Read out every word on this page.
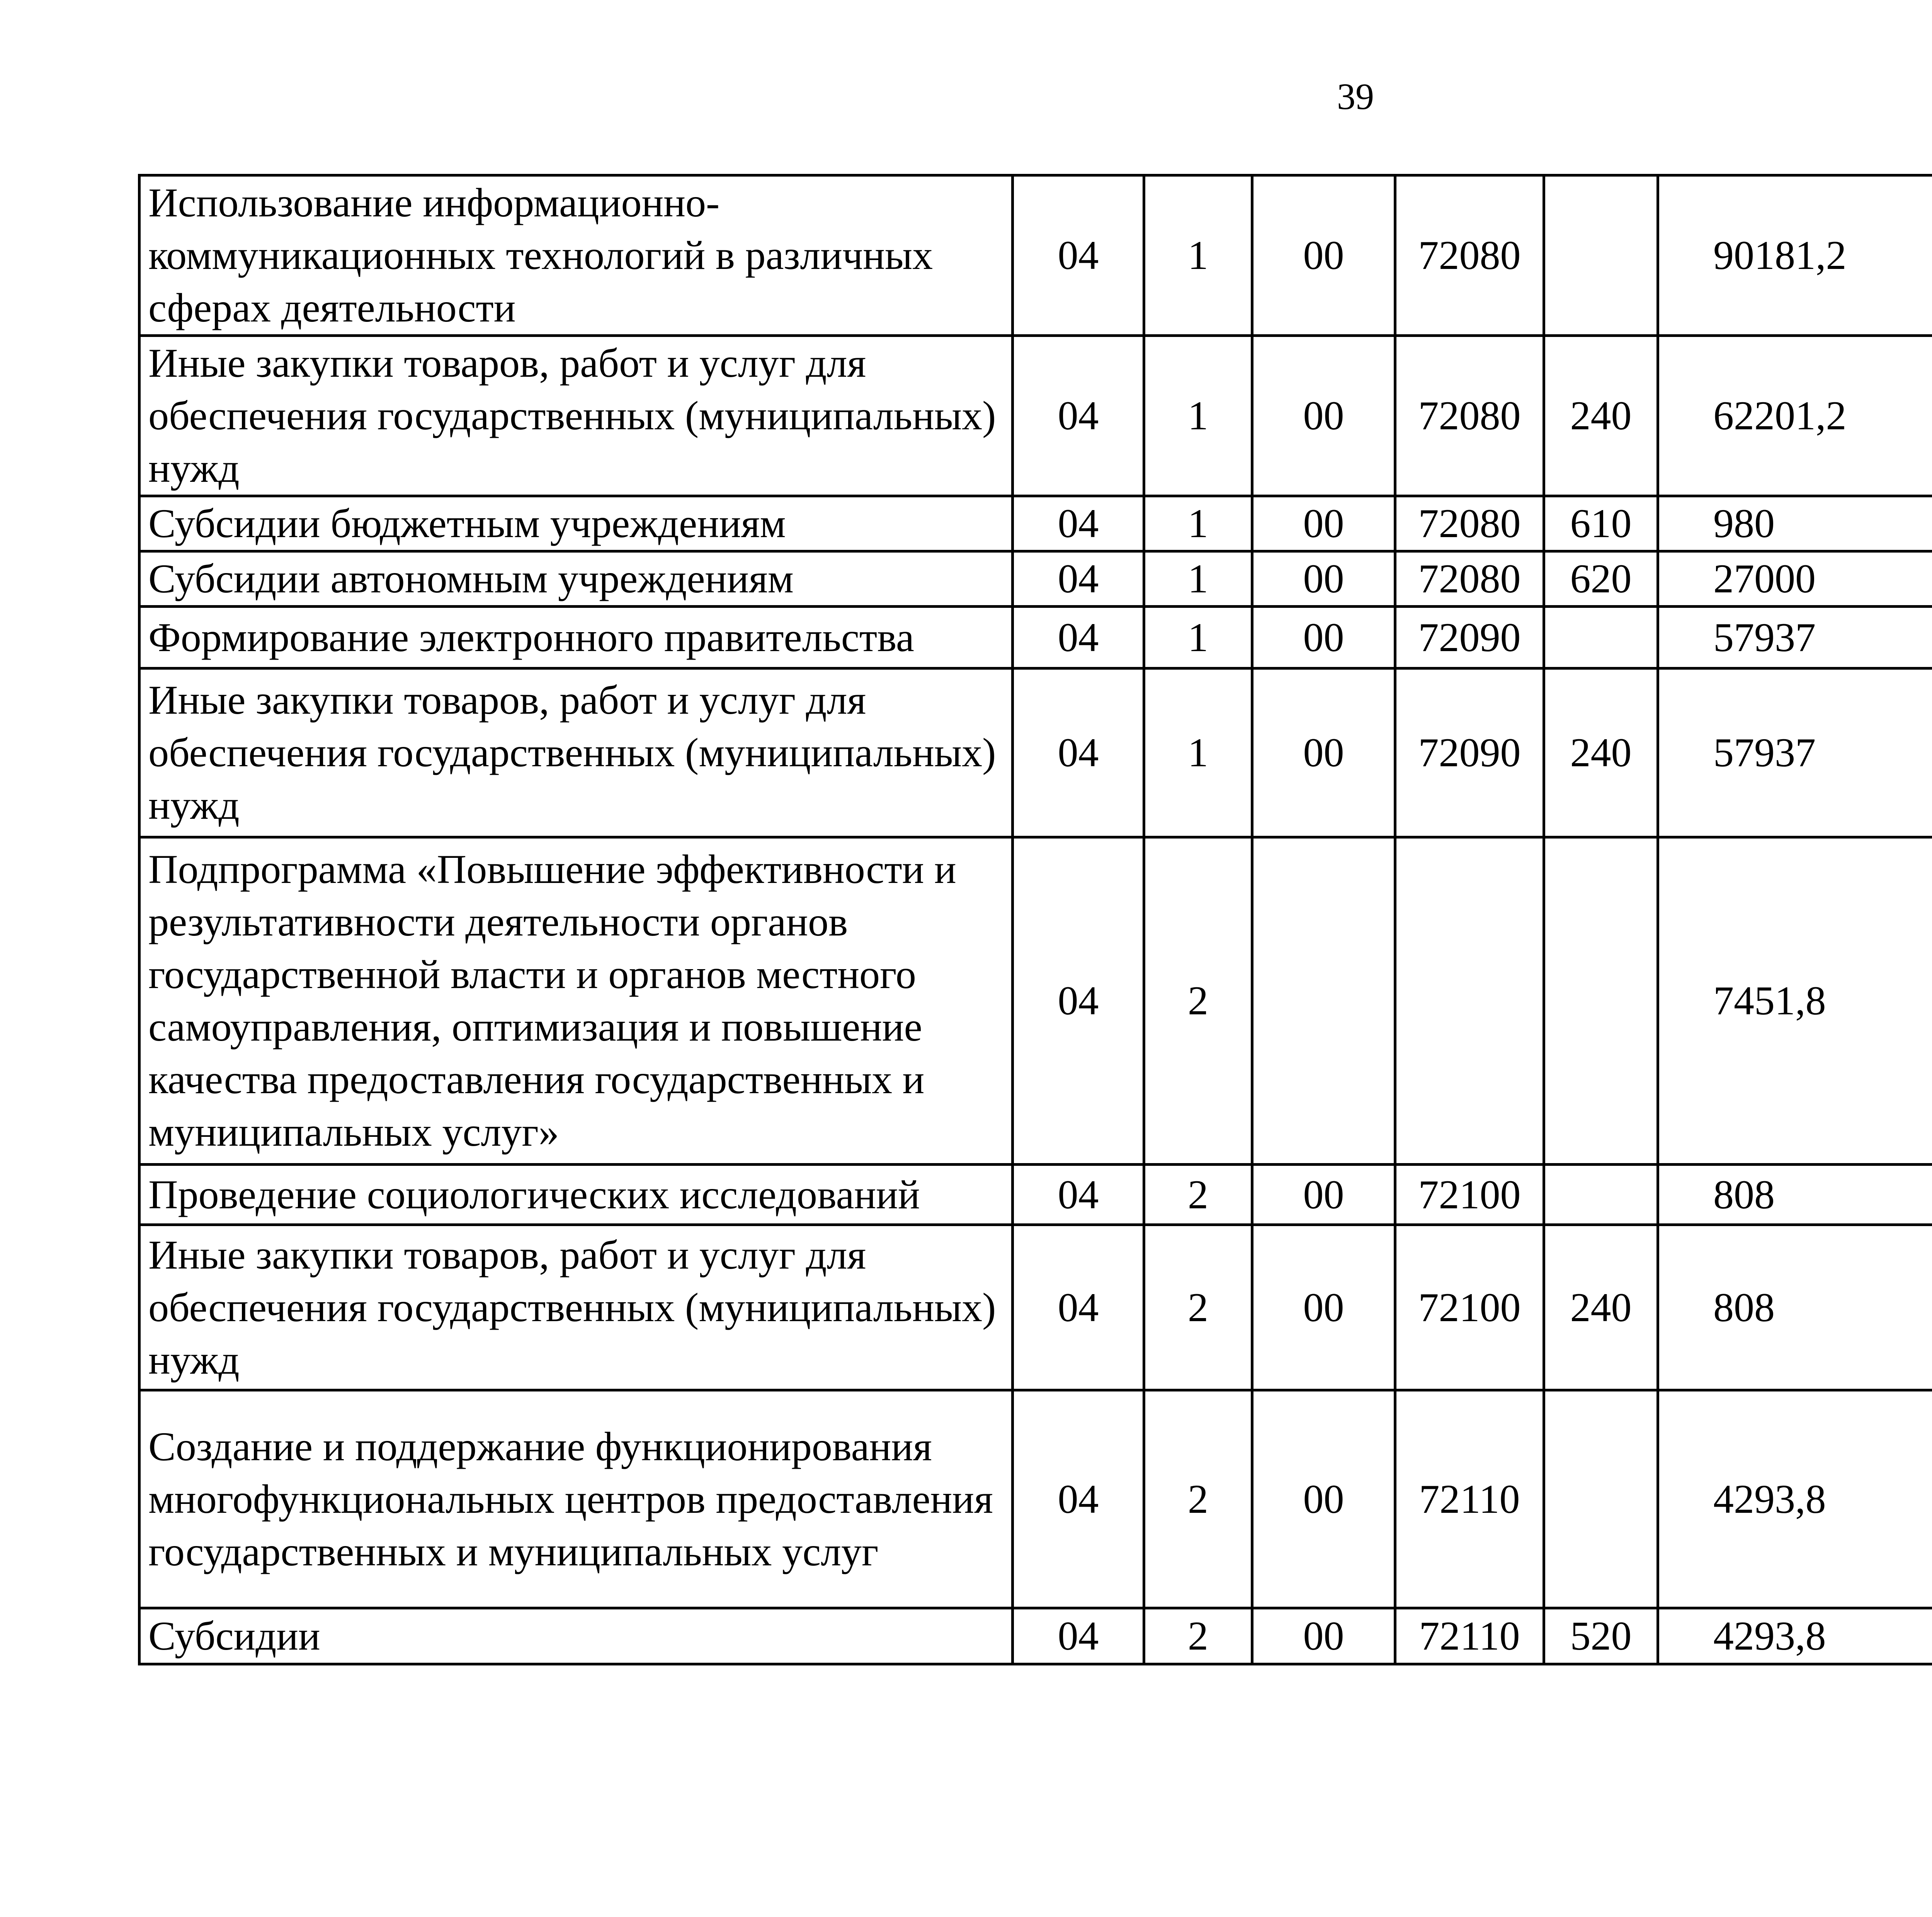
39
Использование информационно-коммуникационных технологий в различных сферах деятельности	04	1	00	72080		90181,2		
Иные закупки товаров, работ и услуг для обеспечения государственных (муниципальных) нужд	04	1	00	72080	240	62201,2		
Субсидии бюджетным учреждениям	04	1	00	72080	610	980		
Субсидии автономным учреждениям	04	1	00	72080	620	27000		
Формирование электронного правительства	04	1	00	72090		57937		
Иные закупки товаров, работ и услуг для обеспечения государственных (муниципальных) нужд	04	1	00	72090	240	57937		
Подпрограмма «Повышение эффективности и результативности деятельности органов государственной власти и органов местного самоуправления, оптимизация и повышение качества предоставления государственных и муниципальных услуг»	04	2				7451,8		
Проведение социологических исследований	04	2	00	72100		808		
Иные закупки товаров, работ и услуг для обеспечения государственных (муниципальных) нужд	04	2	00	72100	240	808		
Создание и поддержание функционирования многофункциональных центров предоставления государственных и муниципальных услуг	04	2	00	72110		4293,8		
Субсидии	04	2	00	72110	520	4293,8		
